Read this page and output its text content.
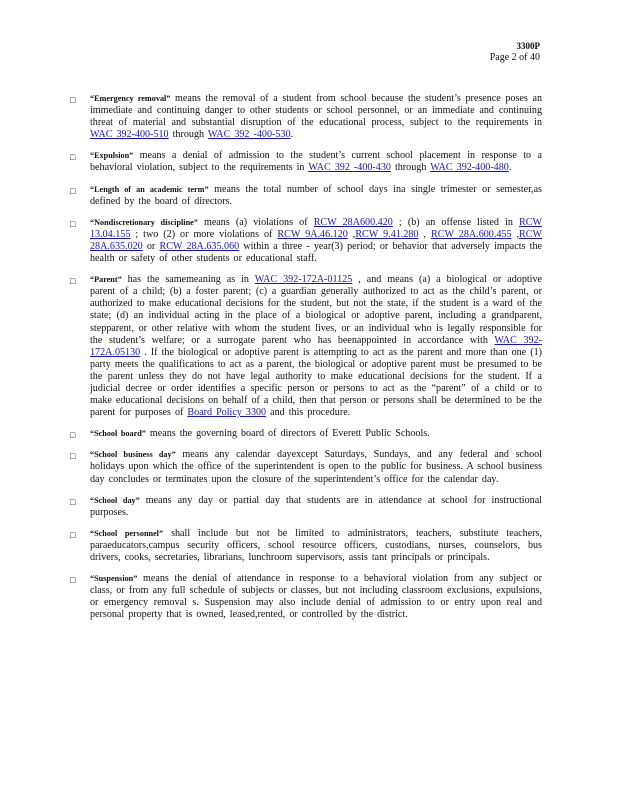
3300P
Page 2 of 40
□ “Emergency removal” means the removal of a student from school because the student’s presence poses an immediate and continuing danger to other students or school personnel, or an immediate and continuing threat of material and substantial disruption of the educational process, subject to the requirements in WAC 392-400-510 through WAC 392 -400-530.
□ “Expulsion” means a denial of admission to the student’s current school placement in response to a behavioral violation, subject to the requirements in WAC 392 -400-430 through WAC 392-400-480.
□ “Length of an academic term” means the total number of school days ina single trimester or semester,as defined by the board of directors.
□ “Nondiscretionary discipline” means (a) violations of RCW 28A600.420 ; (b) an offense listed in RCW 13.04.155 ; two (2) or more violations of RCW 9A.46.120 ,RCW 9.41.280 , RCW 28A.600.455 ,RCW 28A.635.020 or RCW 28A.635.060 within a three - year(3) period; or behavior that adversely impacts the health or safety of other students or educational staff.
□ “Parent” has the samemeaning as in WAC 392-172A-01125 , and means (a) a biological or adoptive parent of a child; (b) a foster parent; (c) a guardian generally authorized to act as the child’s parent, or authorized to make educational decisions for the student, but not the state, if the student is a ward of the state; (d) an individual acting in the place of a biological or adoptive parent, including a grandparent, stepparent, or other relative with whom the student lives, or an individual who is legally responsible for the student’s welfare; or a surrogate parent who has beenappointed in accordance with WAC 392-172A.05130 . If the biological or adoptive parent is attempting to act as the parent and more than one (1) party meets the qualifications to act as a parent, the biological or adoptive parent must be presumed to be the parent unless they do not have legal authority to make educational decisions for the student. If a judicial decree or order identifies a specific person or persons to act as the “parent” of a child or to make educational decisions on behalf of a child, then that person or persons shall be determined to be the parent for purposes of Board Policy 3300 and this procedure.
□ “School board” means the governing board of directors of Everett Public Schools.
□ “School business day” means any calendar dayexcept Saturdays, Sundays, and any federal and school holidays upon which the office of the superintendent is open to the public for business. A school business day concludes or terminates upon the closure of the superintendent’s office for the calendar day.
□ “School day” means any day or partial day that students are in attendance at school for instructional purposes.
□ “School personnel” shall include but not be limited to administrators, teachers, substitute teachers, paraeducators,campus security officers, school resource officers, custodians, nurses, counselors, bus drivers, cooks, secretaries, librarians, lunchroom supervisors, assis tant principals or principals.
□ “Suspension” means the denial of attendance in response to a behavioral violation from any subject or class, or from any full schedule of subjects or classes, but not including classroom exclusions, expulsions, or emergency removal s. Suspension may also include denial of admission to or entry upon real and personal property that is owned, leased,rented, or controlled by the district.
